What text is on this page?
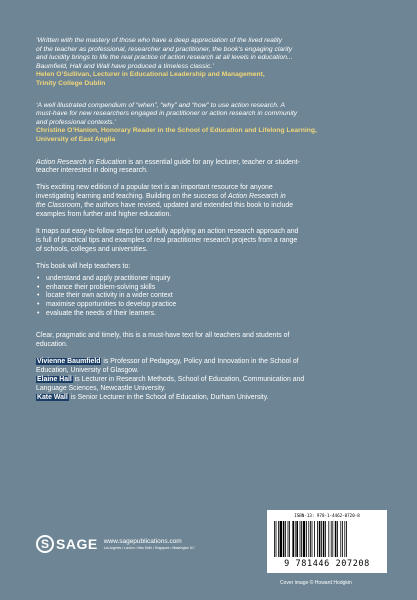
‘Written with the mastery of those who have a deep appreciation of the lived reality

of the teacher as professional, researcher and practitioner, the book’s engaging clarity

and lucidity brings to life the real practice of action research at all levels in education...

Baumfield, Hall and Wall have produced a timeless classic.’

Helen O’Sullivan, Lecturer in Educational Leadership and Management,

Trinity College Dublin

‘A well illustrated compendium of “when”, “why” and “how” to use action research. A

must-have for new researchers engaged in practitioner or action research in community

and professional contexts.’

Christine O’Hanlon, Honorary Reader in the School of Education and Lifelong Learning,

University of East Anglia

Action Research in Education is an essential guide for any lecturer, teacher or student-
teacher interested in doing research.

This exciting new edition of a popular text is an important resource for anyone
investigating learning and teaching. Building on the success of Action Research in
the Classroom, the authors have revised, updated and extended this book to include
examples from further and higher education.

It maps out easy-to-follow steps for usefully applying an action research approach and
is full of practical tips and examples of real practitioner research projects from a range
of schools, colleges and universities.

This book will help teachers to:

• understand and apply practitioner inquiry
• enhance their problem-solving skills
• locate their own activity in a wider context
• maximise opportunities to develop practice
• evaluate the needs of their learners.

Clear, pragmatic and timely, this is a must-have text for all teachers and students of
education.

Vivienne Baumfield is Professor of Pedagogy, Policy and Innovation in the School of
Education, University of Glasgow.

Elaine Hall is Lecturer in Research Methods, School of Education, Communication and
Language Sciences, Newcastle University.

Kate Wall is Senior Lecturer in the School of Education, Durham University.

S SAGE www.sagepublications.com
Los Angeles • London • New Delhi • Singapore • Washington DC
ISBN-13: 978-1-4462-0720-8
9 781446 207208
Cover image © Howard Hodgkin
